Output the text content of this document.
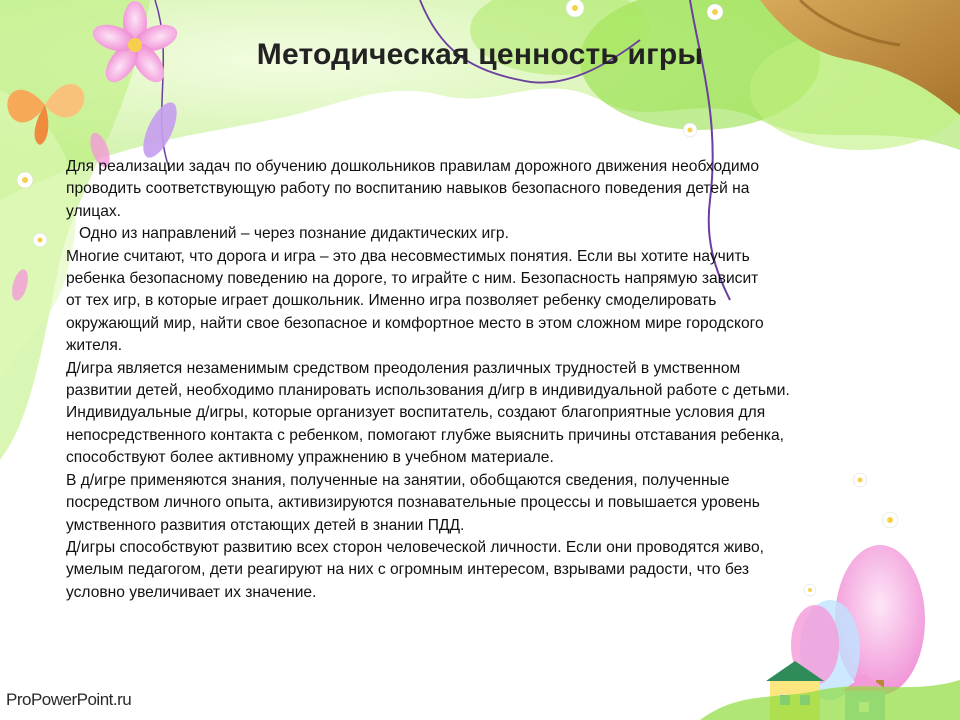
Методическая ценность игры
Для реализации задач по обучению дошкольников правилам дорожного движения необходимо
проводить соответствующую работу по воспитанию навыков безопасного поведения детей на
улицах.
Одно из направлений – через познание дидактических игр.
Многие считают, что дорога и игра – это два несовместимых понятия. Если вы хотите научить
ребенка безопасному поведению на дороге, то играйте с ним. Безопасность напрямую зависит
от тех игр, в которые играет дошкольник. Именно игра позволяет ребенку смоделировать
окружающий мир, найти свое безопасное и комфортное место в этом сложном мире городского
жителя.
Д/игра является незаменимым средством преодоления различных трудностей в умственном
развитии детей, необходимо планировать использования д/игр в индивидуальной работе с детьми.
Индивидуальные д/игры, которые организует воспитатель, создают благоприятные условия для
непосредственного контакта с ребенком, помогают глубже выяснить причины отставания ребенка,
способствуют более активному упражнению в учебном материале.
В д/игре применяются знания, полученные на занятии, обобщаются сведения, полученные
посредством личного опыта, активизируются познавательные процессы и повышается уровень
умственного развития отстающих детей в знании ПДД.
Д/игры способствуют развитию всех сторон человеческой личности. Если они проводятся живо,
умелым педагогом, дети реагируют на них с огромным интересом, взрывами радости, что без
условно увеличивает их значение.
ProPowerPoint.ru
